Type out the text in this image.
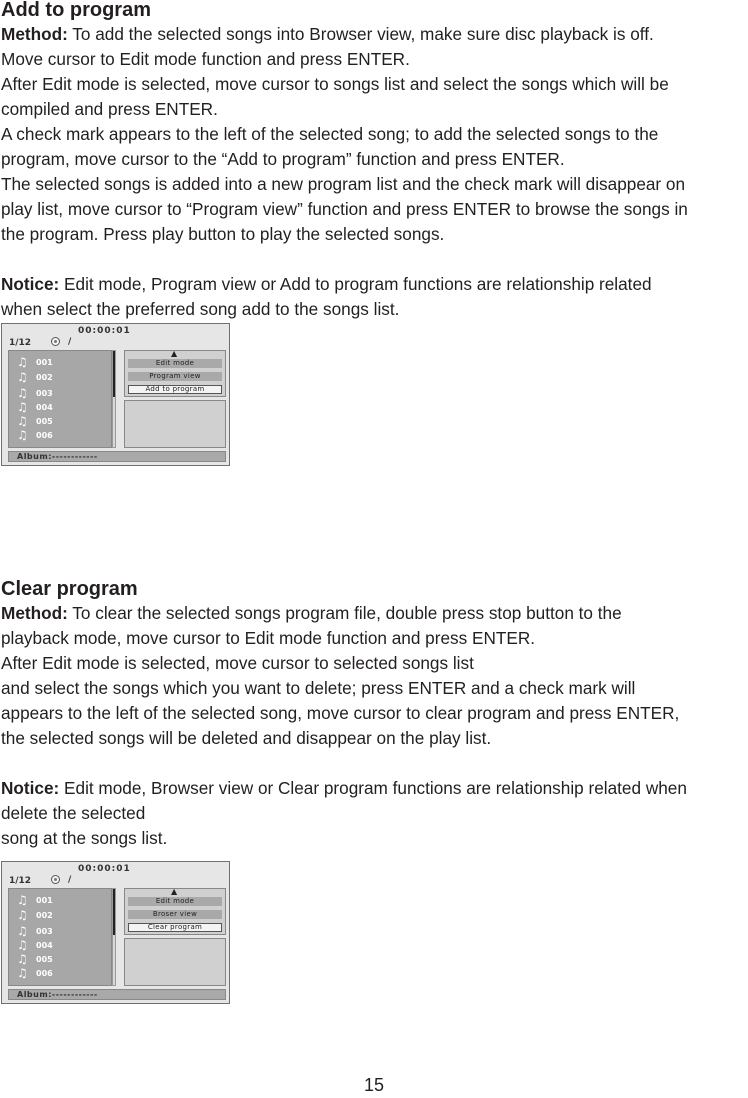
Add to program

Method: To add the selected songs into Browser view, make sure disc playback is off.

Move cursor to Edit mode function and press ENTER.

After Edit mode is selected, move cursor to songs list and select the songs which will be

compiled and press ENTER.

A check mark appears to the left of the selected song; to add the selected songs to the

program, move cursor to the “Add to program” function and press ENTER.

The selected songs is added into a new program list and the check mark will disappear on

play list, move cursor to “Program view” function and press ENTER to browse the songs in

the program. Press play button to play the selected songs.

Notice: Edit mode, Program view or Add to program functions are relationship related

when select the preferred song add to the songs list.

00:00:01
1/12	/
♫ 001
♫ 002
♫ 003
♫ 004
♫ 005
♫ 006
▲
Edit mode
Program view
Add to program
Album:------------

Clear program

Method: To clear the selected songs program file, double press stop button to the

playback mode, move cursor to Edit mode function and press ENTER.

After Edit mode is selected, move cursor to selected songs list

and select the songs which you want to delete; press ENTER and a check mark will

appears to the left of the selected song, move cursor to clear program and press ENTER,

the selected songs will be deleted and disappear on the play list.

Notice: Edit mode, Browser view or Clear program functions are relationship related when

delete the selected

song at the songs list.

00:00:01
1/12	/
♫ 001
♫ 002
♫ 003
♫ 004
♫ 005
♫ 006
▲
Edit mode
Broser view
Clear program
Album:------------
15
